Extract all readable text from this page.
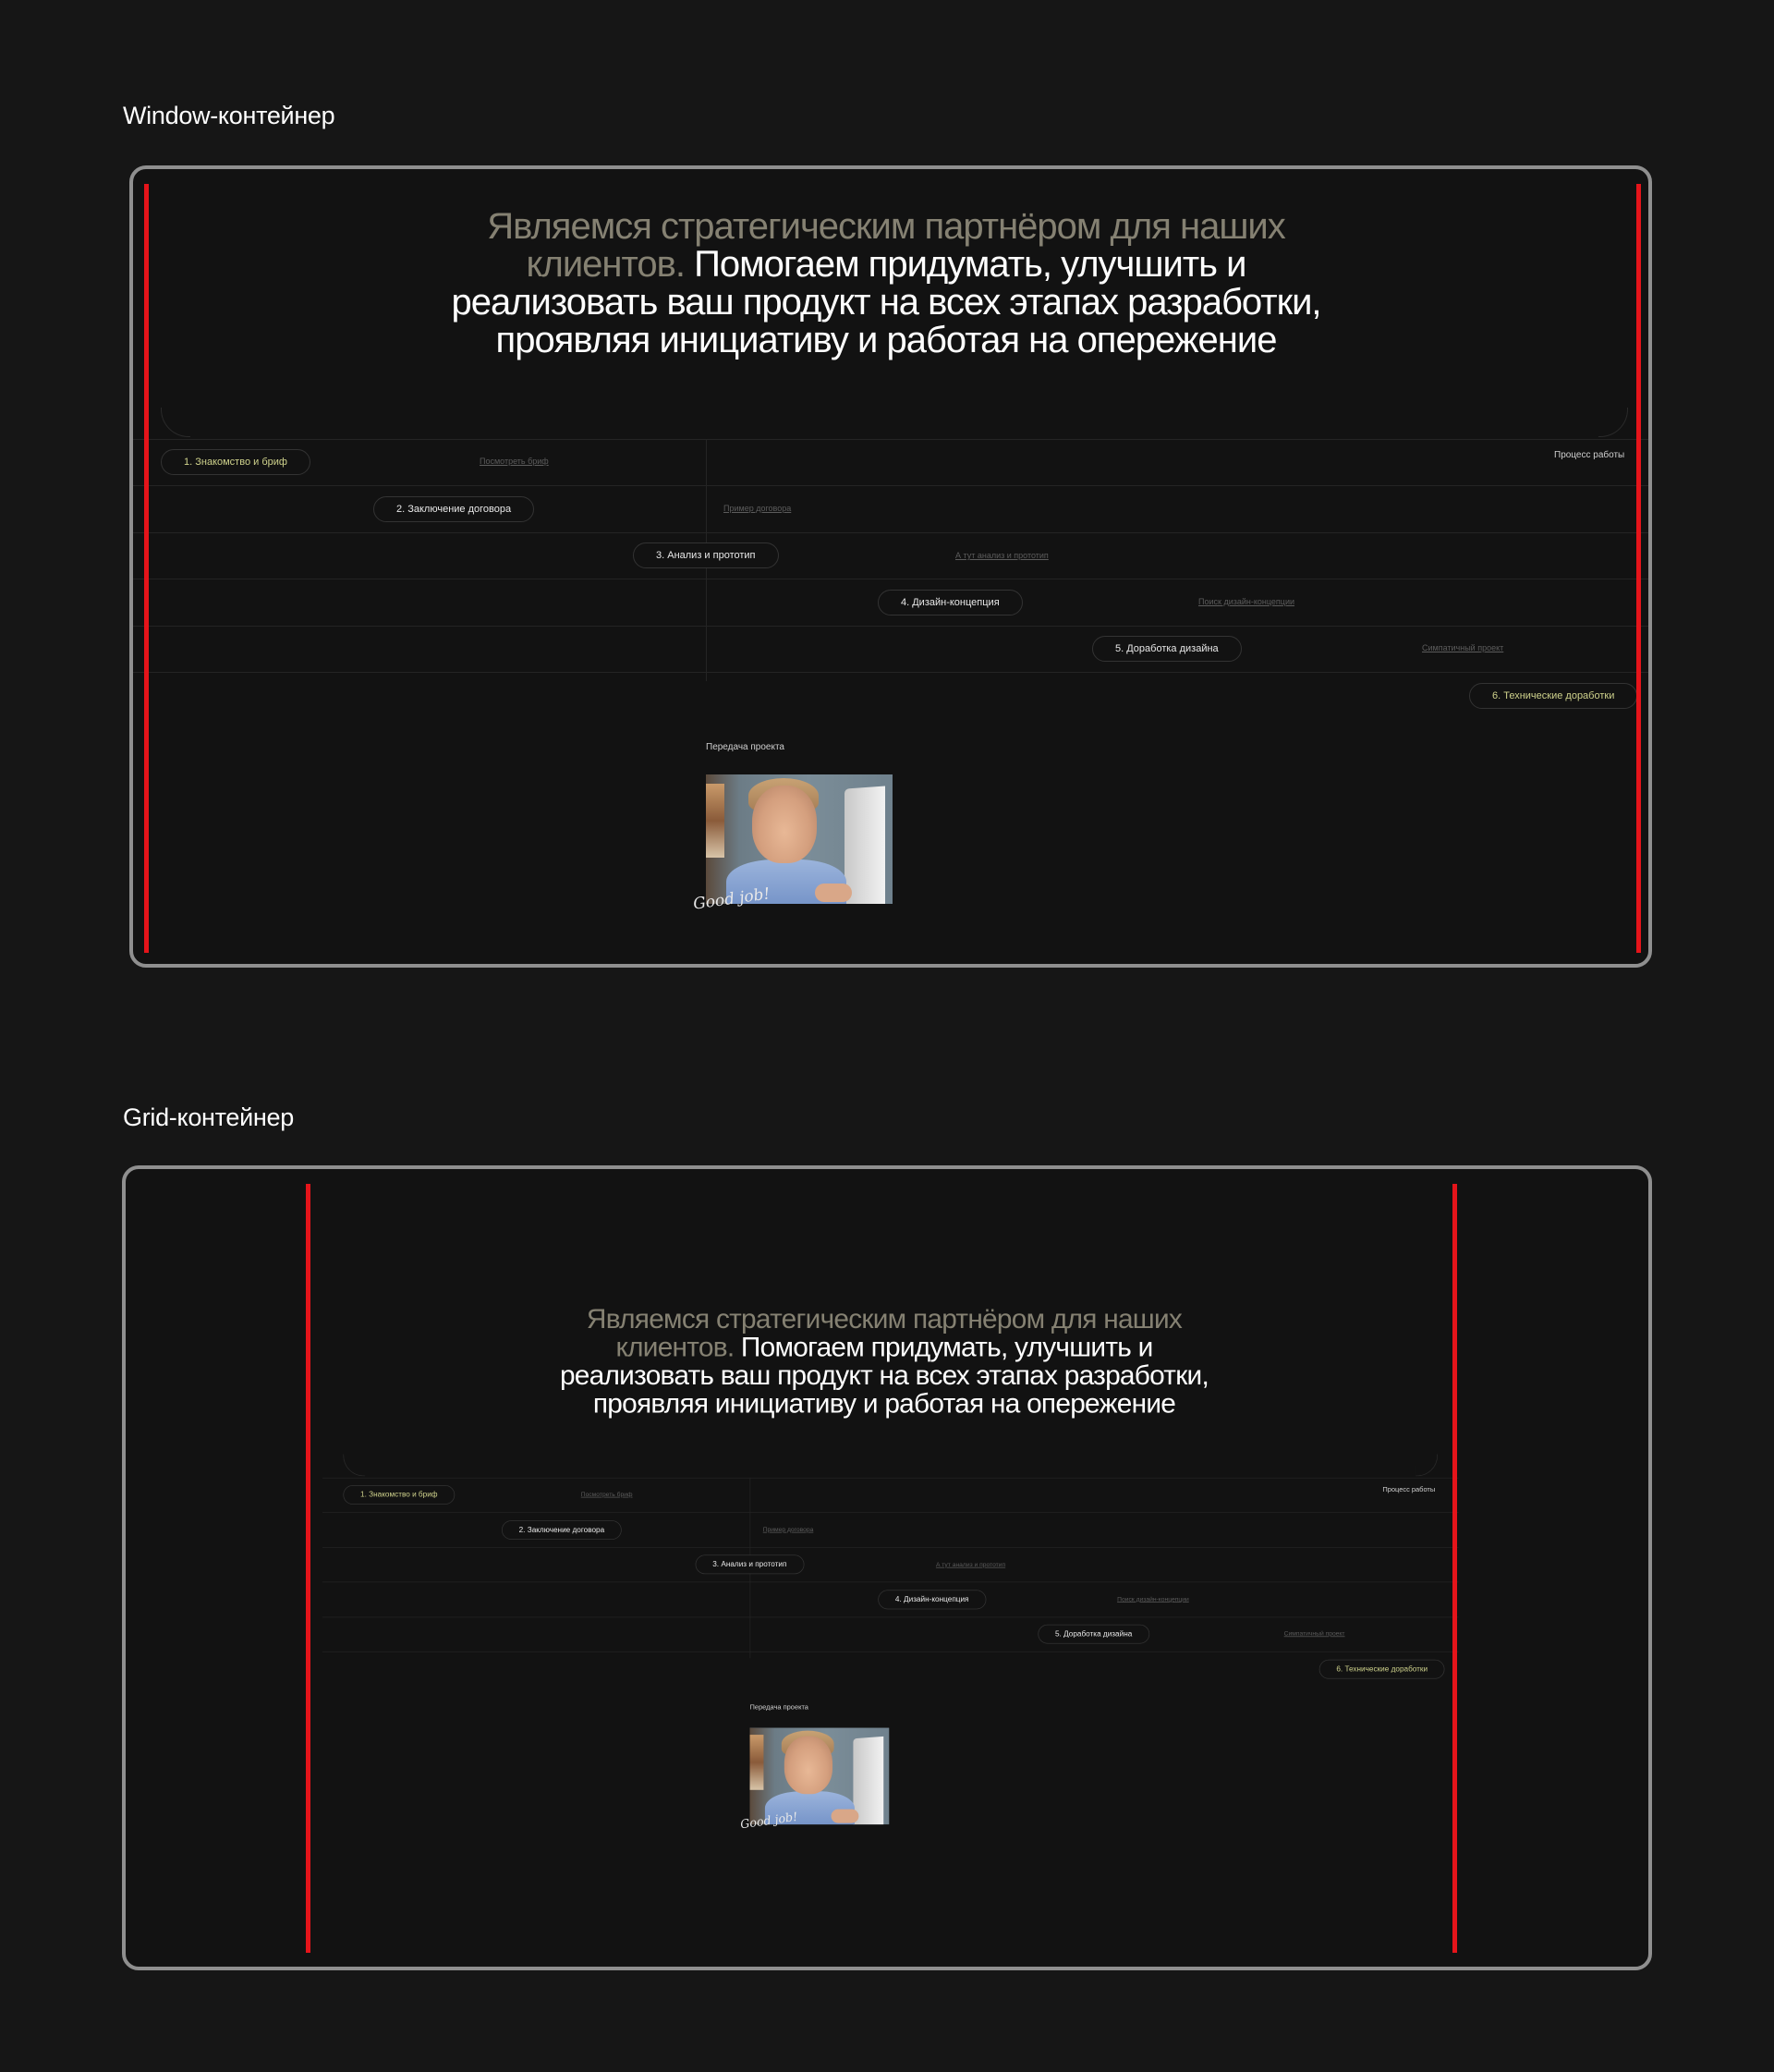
Window-контейнер
Grid-контейнер
Являемся стратегическим партнёром для наших клиентов. Помогаем придумать, улучшить и реализовать ваш продукт на всех этапах разработки, проявляя инициативу и работая на опережение
Процесс работы
1. Знакомство и бриф	Посмотреть бриф
2. Заключение договора	Пример договора
3. Анализ и прототип	А тут анализ и прототип
4. Дизайн-концепция	Поиск дизайн-концепции
5. Доработка дизайна	Симпатичный проект
6. Технические доработки
Передача проекта
Good job!
Являемся стратегическим партнёром для наших клиентов. Помогаем придумать, улучшить и реализовать ваш продукт на всех этапах разработки, проявляя инициативу и работая на опережение
Процесс работы
1. Знакомство и бриф	Посмотреть бриф
2. Заключение договора	Пример договора
3. Анализ и прототип	А тут анализ и прототип
4. Дизайн-концепция	Поиск дизайн-концепции
5. Доработка дизайна	Симпатичный проект
6. Технические доработки
Передача проекта
Good job!
